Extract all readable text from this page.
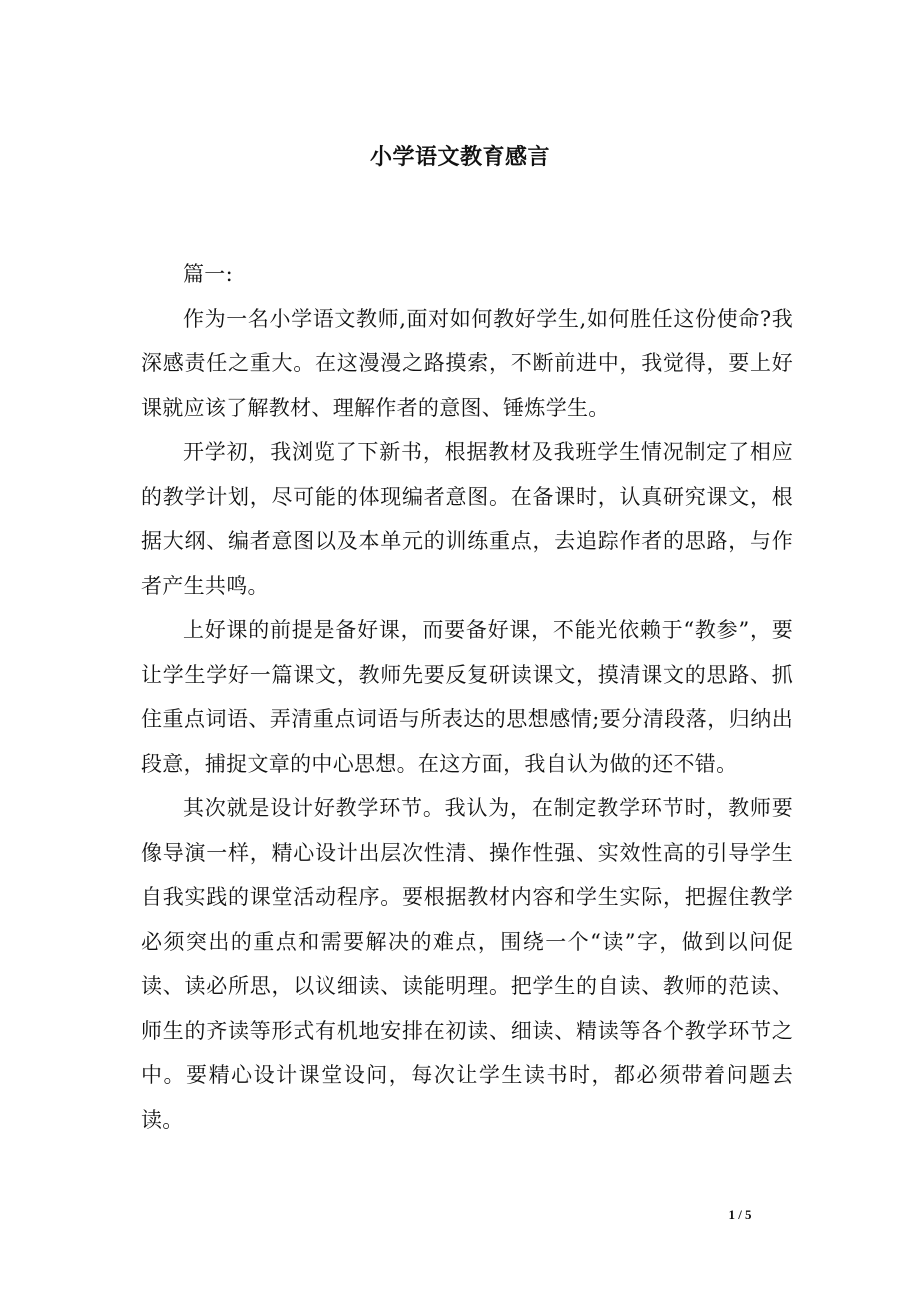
小学语文教育感言

篇一:

作为一名小学语文教师,面对如何教好学生,如何胜任这份使命?我深感责任之重大。在这漫漫之路摸索，不断前进中，我觉得，要上好课就应该了解教材、理解作者的意图、锤炼学生。

开学初，我浏览了下新书，根据教材及我班学生情况制定了相应的教学计划，尽可能的体现编者意图。在备课时，认真研究课文，根据大纲、编者意图以及本单元的训练重点，去追踪作者的思路，与作者产生共鸣。

上好课的前提是备好课，而要备好课，不能光依赖于“教参”，要让学生学好一篇课文，教师先要反复研读课文，摸清课文的思路、抓住重点词语、弄清重点词语与所表达的思想感情;要分清段落，归纳出段意，捕捉文章的中心思想。在这方面，我自认为做的还不错。

其次就是设计好教学环节。我认为，在制定教学环节时，教师要像导演一样，精心设计出层次性清、操作性强、实效性高的引导学生自我实践的课堂活动程序。要根据教材内容和学生实际，把握住教学必须突出的重点和需要解决的难点，围绕一个“读”字，做到以问促读、读必所思，以议细读、读能明理。把学生的自读、教师的范读、师生的齐读等形式有机地安排在初读、细读、精读等各个教学环节之中。要精心设计课堂设问，每次让学生读书时，都必须带着问题去读。

1 / 5
